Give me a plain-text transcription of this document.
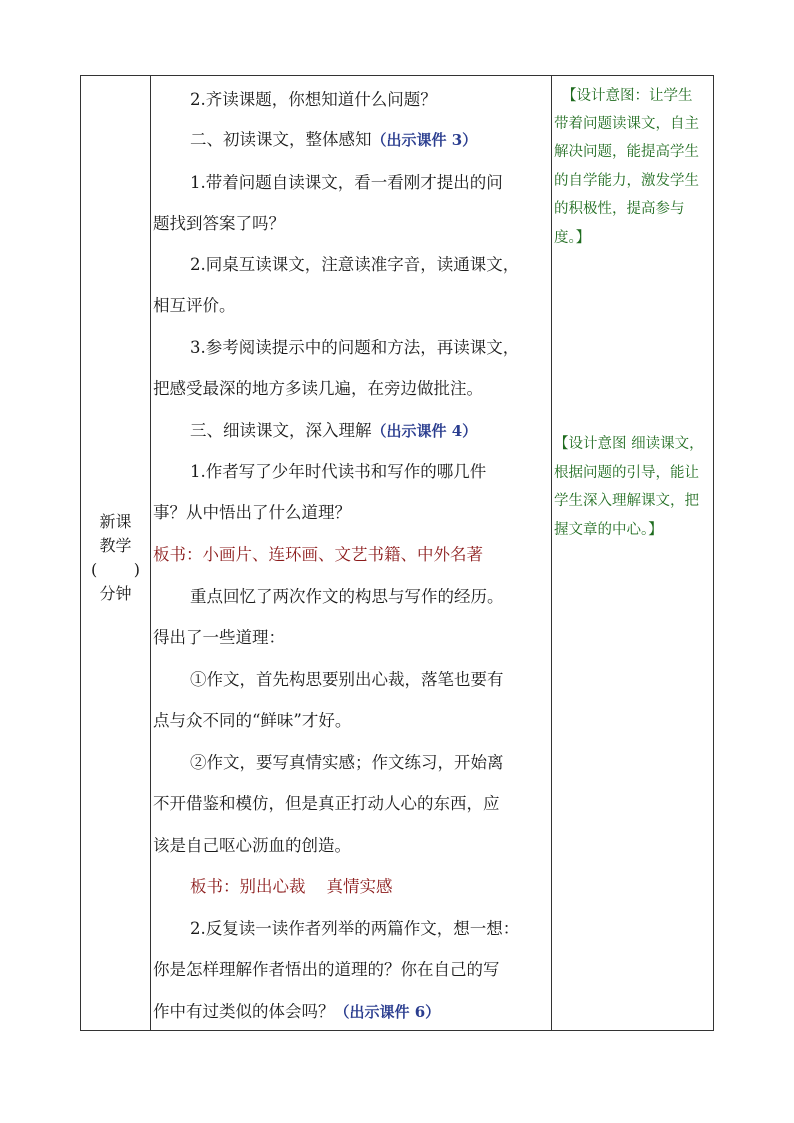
新课
教学
( )
分钟
2.齐读课题，你想知道什么问题？
二、初读课文，整体感知（出示课件 3）
1.带着问题自读课文，看一看刚才提出的问
题找到答案了吗？
2.同桌互读课文，注意读准字音，读通课文，
相互评价。
3.参考阅读提示中的问题和方法，再读课文，
把感受最深的地方多读几遍，在旁边做批注。
三、细读课文，深入理解（出示课件 4）
1.作者写了少年时代读书和写作的哪几件
事？从中悟出了什么道理？
板书：小画片、连环画、文艺书籍、中外名著
重点回忆了两次作文的构思与写作的经历。
得出了一些道理：
①作文，首先构思要别出心裁，落笔也要有
点与众不同的“鲜味”才好。
②作文，要写真情实感；作文练习，开始离
不开借鉴和模仿，但是真正打动人心的东西，应
该是自己呕心沥血的创造。
板书：别出心裁    真情实感
2.反复读一读作者列举的两篇作文，想一想：
你是怎样理解作者悟出的道理的？你在自己的写
作中有过类似的体会吗？（出示课件 6）
【设计意图：让学生
带着问题读课文，自主
解决问题，能提高学生
的自学能力，激发学生
的积极性，提高参与
度。】
【设计意图 细读课文，
根据问题的引导，能让
学生深入理解课文，把
握文章的中心。】
